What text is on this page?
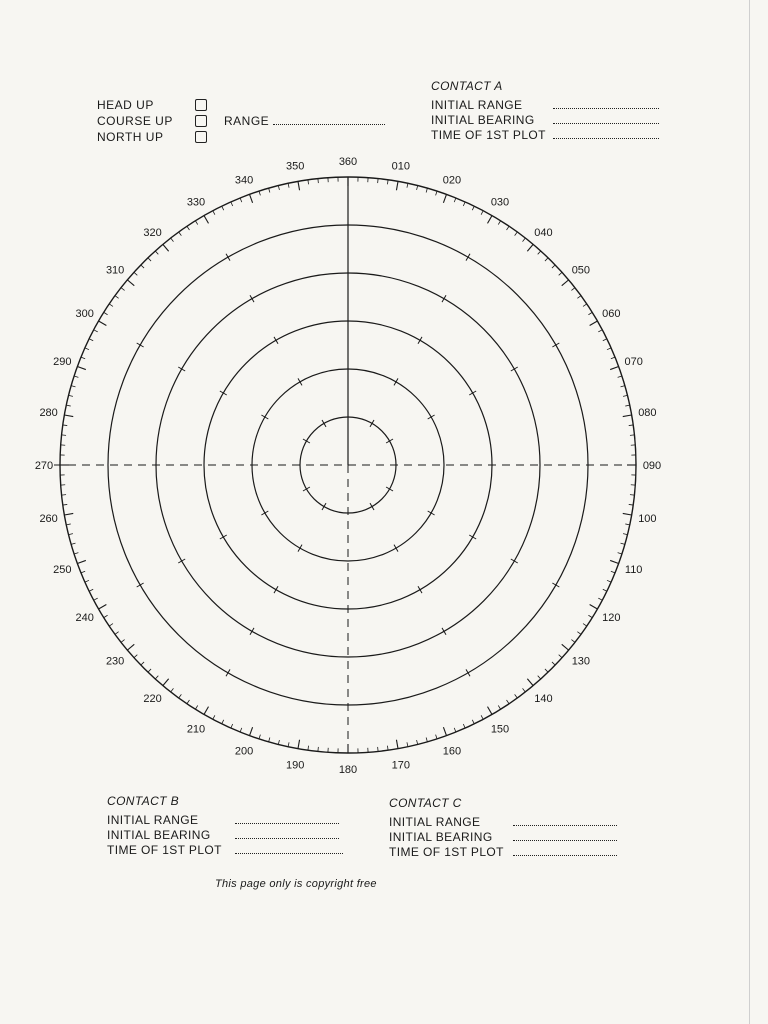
HEAD UP
COURSE UP
NORTH UP
RANGE
CONTACT A
INITIAL RANGE
INITIAL BEARING
TIME OF 1ST PLOT
360	010
020
030
040
050
060
070
080
090
100
110
120
130
140
150
160
170
180
190
200
210
220
230
240
250
260
270
280
290
300
310
320
330
340
350
CONTACT B
INITIAL RANGE
INITIAL BEARING
TIME OF 1ST PLOT
CONTACT C
INITIAL RANGE
INITIAL BEARING
TIME OF 1ST PLOT
This page only is copyright free
